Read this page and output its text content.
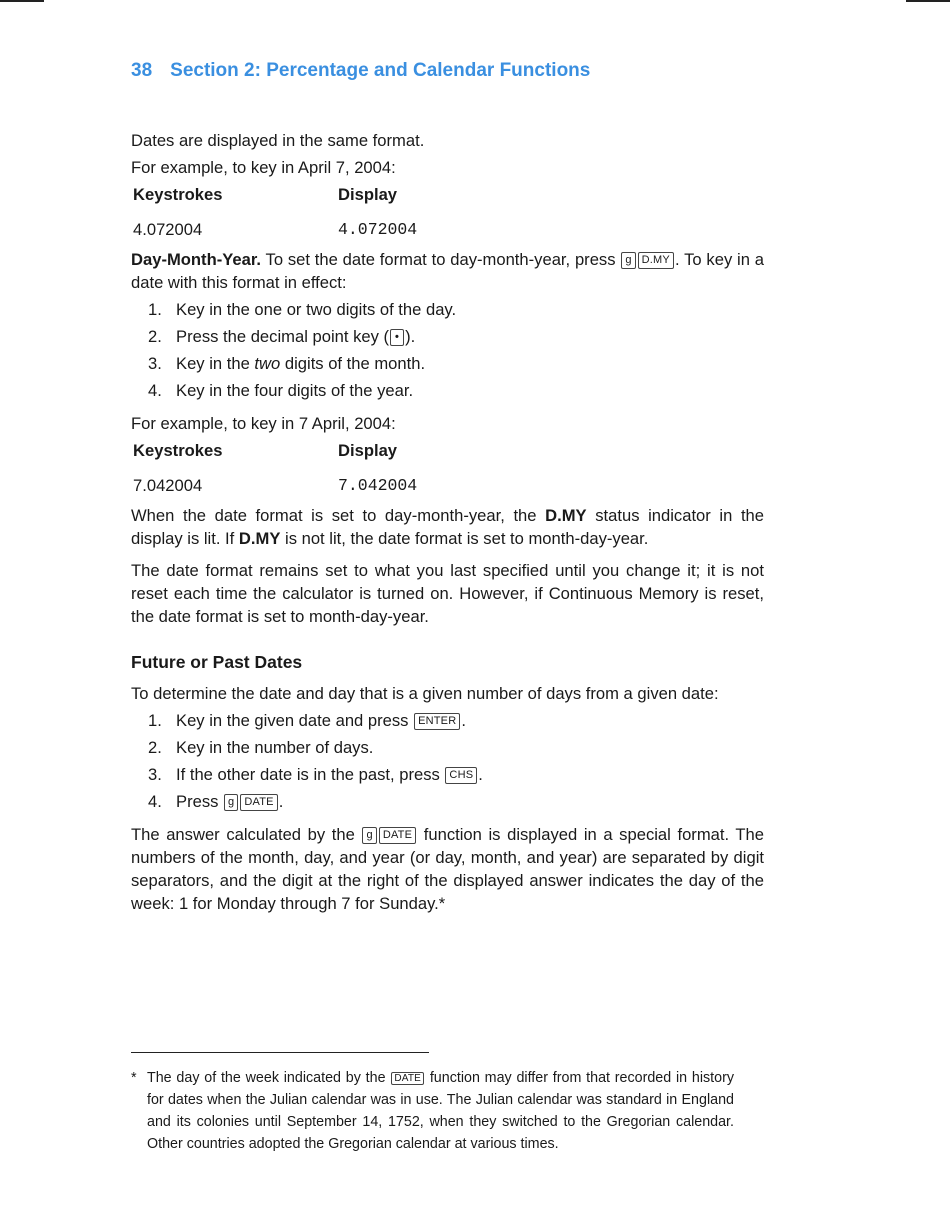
38 Section 2: Percentage and Calendar Functions

Dates are displayed in the same format.

For example, to key in April 7, 2004:

Keystrokes	Display
4.072004	4.072004

Day-Month-Year. To set the date format to day-month-year, press g D.MY . To key in a date with this format in effect:

1. Key in the one or two digits of the day.
2. Press the decimal point key ( • ).
3. Key in the two digits of the month.
4. Key in the four digits of the year.

For example, to key in 7 April, 2004:

Keystrokes	Display
7.042004	7.042004

When the date format is set to day-month-year, the D.MY status indicator in the display is lit. If D.MY is not lit, the date format is set to month-day-year.

The date format remains set to what you last specified until you change it; it is not reset each time the calculator is turned on. However, if Continuous Memory is reset, the date format is set to month-day-year.

Future or Past Dates

To determine the date and day that is a given number of days from a given date:

1. Key in the given date and press ENTER .
2. Key in the number of days.
3. If the other date is in the past, press CHS .
4. Press g DATE .

The answer calculated by the g DATE function is displayed in a special format. The numbers of the month, day, and year (or day, month, and year) are separated by digit separators, and the digit at the right of the displayed answer indicates the day of the week: 1 for Monday through 7 for Sunday.*

* The day of the week indicated by the DATE function may differ from that recorded in history for dates when the Julian calendar was in use. The Julian calendar was standard in England and its colonies until September 14, 1752, when they switched to the Gregorian calendar. Other countries adopted the Gregorian calendar at various times.
